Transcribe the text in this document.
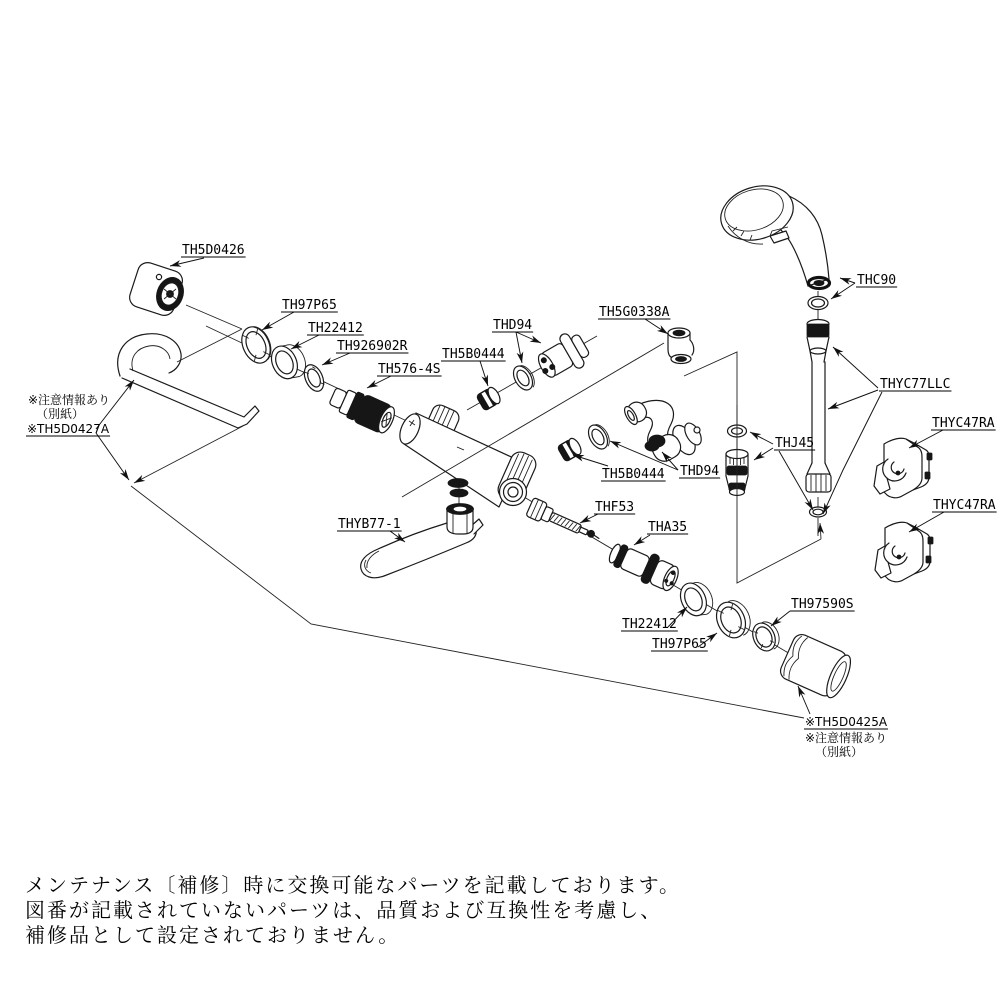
TH5D0426
TH97P65
TH22412
TH926902R
TH576-4S
TH5B0444
THD94
TH5G0338A
THC90
THYC77LLC
THYC47RA
THJ45
THYC47RA
TH5B0444 THD94
THYB77-1
THF53
THA35
TH22412
TH97P65
TH97590S
※注意情報あり
（別紙）
※TH5D0427A
※TH5D0425A
※注意情報あり
（別紙）
メンテナンス〔補修〕時に交換可能なパーツを記載しております。
図番が記載されていないパーツは、品質および互換性を考慮し、
補修品として設定されておりません。
